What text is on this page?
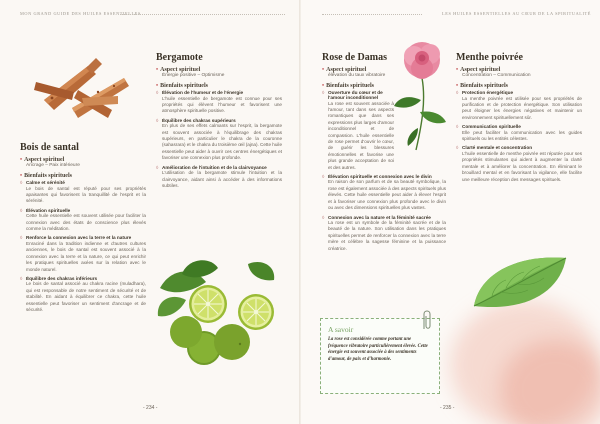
MON GRAND GUIDE DES HUILES ESSENTIELLES
Bois de santal
• Aspect spirituel
Ancrage – Paix intérieure
• Bienfaits spirituels
◊ Calme et sérénité
Le bois de santal est réputé pour ses propriétés apaisantes qui favorisent la tranquillité de l'esprit et la sérénité.
◊ Élévation spirituelle
Cette huile essentielle est souvent utilisée pour faciliter la connexion avec des états de conscience plus élevés comme la méditation.
◊ Renforce la connexion avec la terre et la nature
Enraciné dans la tradition indienne et d'autres cultures anciennes, le bois de santal est souvent associé à la connexion avec la terre et la nature, ce qui peut enrichir les pratiques spirituelles axées sur la relation avec le monde naturel.
◊ Équilibre des chakras inférieurs
Le bois de santal associé au chakra racine (muladhara), qui est responsable de notre sentiment de sécurité et de stabilité. En aidant à équilibrer ce chakra, cette huile essentielle peut favoriser un sentiment d'ancrage et de sécurité.
Bergamote
• Aspect spirituel
Énergie positive – Optimisme
• Bienfaits spirituels
◊ Élévation de l'humeur et de l'énergie
L'huile essentielle de bergamote est connue pour ses propriétés qui élèvent l'humeur et favorisent une atmosphère spirituelle positive.
◊ Équilibre des chakras supérieurs
En plus de ses effets calmants sur l'esprit, la bergamote est souvent associée à l'équilibrage des chakras supérieurs, en particulier le chakra de la couronne (sahasrara) et le chakra du troisième œil (ajna). Cette huile essentielle peut aider à ouvrir ces centres énergétiques et favoriser une connexion plus profonde.
◊ Amélioration de l'intuition et de la clairvoyance
L'utilisation de la bergamote stimule l'intuition et la clairvoyance, aidant ainsi à accéder à des informations subtiles.
- 234 -
LES HUILES ESSENTIELLES AU CŒUR DE LA SPIRITUALITÉ
Rose de Damas
• Aspect spirituel
élévation du taux vibratoire
• Bienfaits spirituels
◊ Ouverture du cœur et de l'amour inconditionnel
La rose est souvent associée à l'amour, tant dans ses aspects romantiques que dans ses expressions plus larges d'amour inconditionnel et de compassion. L'huile essentielle de rose permet d'ouvrir le cœur, de guérir les blessures émotionnelles et favorise une plus grande acceptation de soi et des autres.
◊ Élévation spirituelle et connexion avec le divin
En raison de son parfum et de sa beauté symbolique, la rose est également associée à des aspects spirituels plus élevés. Cette huile essentielle peut aider à élever l'esprit et à favoriser une connexion plus profonde avec le divin ou avec des dimensions spirituelles plus vastes.
◊ Connexion avec la nature et la féminité sacrée
La rose est un symbole de la féminité sacrée et de la beauté de la nature. Son utilisation dans les pratiques spirituelles permet de renforcer la connexion avec la terre mère et célèbre la sagesse féminine et la puissance créatrice.
Menthe poivrée
• Aspect spirituel
Concentration – Communication
• Bienfaits spirituels
◊ Protection énergétique
La menthe poivrée est utilisée pour ses propriétés de purification et de protection énergétique. Son utilisation peut éloigner les énergies négatives et maintenir un environnement spirituellement sûr.
◊ Communication spirituelle
Elle peut faciliter la communication avec les guides spirituels ou les entités célestes.
◊ Clarté mentale et concentration
L'huile essentielle de menthe poivrée est réputée pour ses propriétés stimulantes qui aident à augmenter la clarté mentale et à améliorer la concentration. En éliminant le brouillard mental et en favorisant la vigilance, elle facilite une meilleure réception des messages spirituels.
A savoir
La rose est considérée comme portant une fréquence vibratoire particulièrement élevée. Cette énergie est souvent associée à des sentiments d'amour, de paix et d'harmonie.
- 235 -
